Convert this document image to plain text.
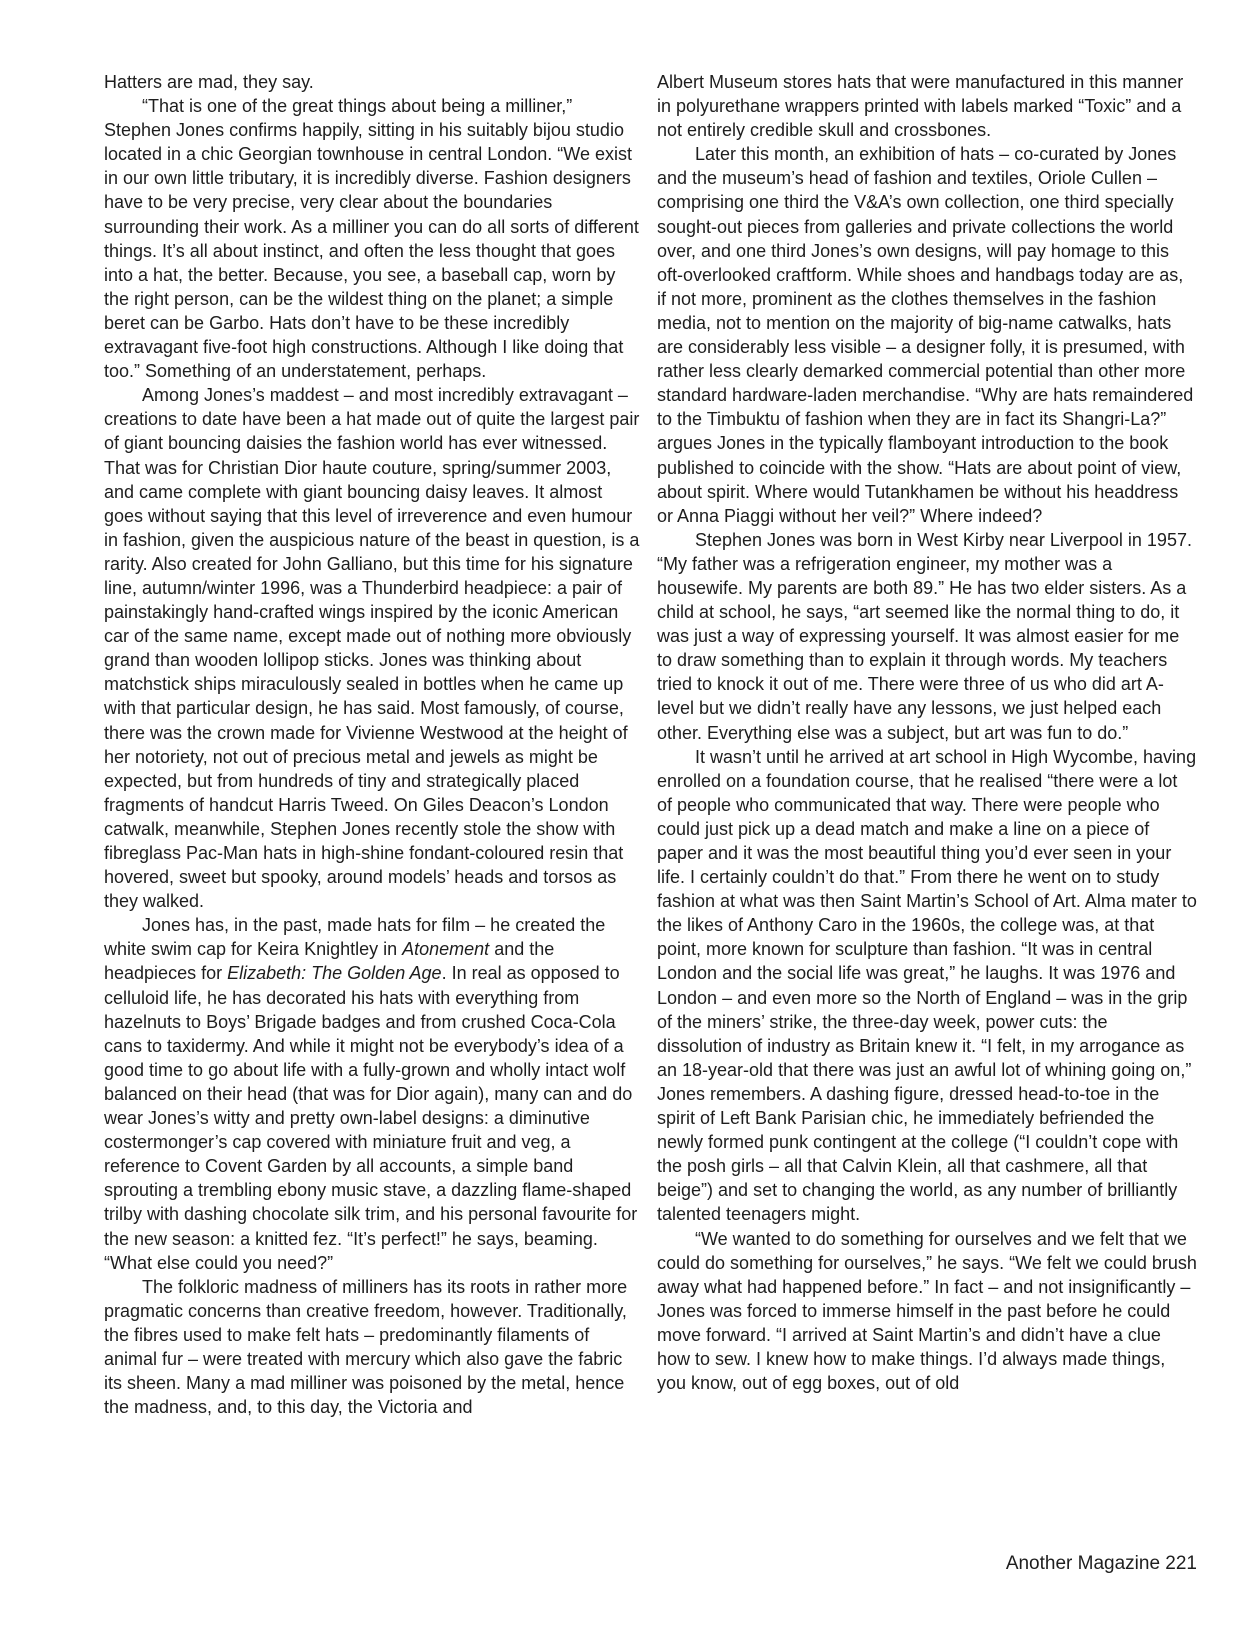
Hatters are mad, they say.

“That is one of the great things about being a milliner,” Stephen Jones confirms happily, sitting in his suitably bijou studio located in a chic Georgian townhouse in central London. “We exist in our own little tributary, it is incredibly diverse. Fashion designers have to be very precise, very clear about the boundaries surrounding their work. As a milliner you can do all sorts of different things. It’s all about instinct, and often the less thought that goes into a hat, the better. Because, you see, a baseball cap, worn by the right person, can be the wildest thing on the planet; a simple beret can be Garbo. Hats don’t have to be these incredibly extravagant five-foot high constructions. Although I like doing that too.” Something of an understatement, perhaps.

Among Jones’s maddest – and most incredibly extravagant – creations to date have been a hat made out of quite the largest pair of giant bouncing daisies the fashion world has ever witnessed. That was for Christian Dior haute couture, spring/summer 2003, and came complete with giant bouncing daisy leaves. It almost goes without saying that this level of irreverence and even humour in fashion, given the auspicious nature of the beast in question, is a rarity. Also created for John Galliano, but this time for his signature line, autumn/winter 1996, was a Thunderbird headpiece: a pair of painstakingly hand-crafted wings inspired by the iconic American car of the same name, except made out of nothing more obviously grand than wooden lollipop sticks. Jones was thinking about matchstick ships miraculously sealed in bottles when he came up with that particular design, he has said. Most famously, of course, there was the crown made for Vivienne Westwood at the height of her notoriety, not out of precious metal and jewels as might be expected, but from hundreds of tiny and strategically placed fragments of handcut Harris Tweed. On Giles Deacon’s London catwalk, meanwhile, Stephen Jones recently stole the show with fibreglass Pac-Man hats in high-shine fondant-coloured resin that hovered, sweet but spooky, around models’ heads and torsos as they walked.

Jones has, in the past, made hats for film – he created the white swim cap for Keira Knightley in Atonement and the headpieces for Elizabeth: The Golden Age. In real as opposed to celluloid life, he has decorated his hats with everything from hazelnuts to Boys’ Brigade badges and from crushed Coca-Cola cans to taxidermy. And while it might not be everybody’s idea of a good time to go about life with a fully-grown and wholly intact wolf balanced on their head (that was for Dior again), many can and do wear Jones’s witty and pretty own-label designs: a diminutive costermonger’s cap covered with miniature fruit and veg, a reference to Covent Garden by all accounts, a simple band sprouting a trembling ebony music stave, a dazzling flame-shaped trilby with dashing chocolate silk trim, and his personal favourite for the new season: a knitted fez. “It’s perfect!” he says, beaming. “What else could you need?”

The folkloric madness of milliners has its roots in rather more pragmatic concerns than creative freedom, however. Traditionally, the fibres used to make felt hats – predominantly filaments of animal fur – were treated with mercury which also gave the fabric its sheen. Many a mad milliner was poisoned by the metal, hence the madness, and, to this day, the Victoria and

Albert Museum stores hats that were manufactured in this manner in polyurethane wrappers printed with labels marked “Toxic” and a not entirely credible skull and crossbones.

Later this month, an exhibition of hats – co-curated by Jones and the museum’s head of fashion and textiles, Oriole Cullen – comprising one third the V&A’s own collection, one third specially sought-out pieces from galleries and private collections the world over, and one third Jones’s own designs, will pay homage to this oft-overlooked craftform. While shoes and handbags today are as, if not more, prominent as the clothes themselves in the fashion media, not to mention on the majority of big-name catwalks, hats are considerably less visible – a designer folly, it is presumed, with rather less clearly demarked commercial potential than other more standard hardware-laden merchandise. “Why are hats remaindered to the Timbuktu of fashion when they are in fact its Shangri-La?” argues Jones in the typically flamboyant introduction to the book published to coincide with the show. “Hats are about point of view, about spirit. Where would Tutankhamen be without his headdress or Anna Piaggi without her veil?” Where indeed?

Stephen Jones was born in West Kirby near Liverpool in 1957. “My father was a refrigeration engineer, my mother was a housewife. My parents are both 89.” He has two elder sisters. As a child at school, he says, “art seemed like the normal thing to do, it was just a way of expressing yourself. It was almost easier for me to draw something than to explain it through words. My teachers tried to knock it out of me. There were three of us who did art A-level but we didn’t really have any lessons, we just helped each other. Everything else was a subject, but art was fun to do.”

It wasn’t until he arrived at art school in High Wycombe, having enrolled on a foundation course, that he realised “there were a lot of people who communicated that way. There were people who could just pick up a dead match and make a line on a piece of paper and it was the most beautiful thing you’d ever seen in your life. I certainly couldn’t do that.” From there he went on to study fashion at what was then Saint Martin’s School of Art. Alma mater to the likes of Anthony Caro in the 1960s, the college was, at that point, more known for sculpture than fashion. “It was in central London and the social life was great,” he laughs. It was 1976 and London – and even more so the North of England – was in the grip of the miners’ strike, the three-day week, power cuts: the dissolution of industry as Britain knew it. “I felt, in my arrogance as an 18-year-old that there was just an awful lot of whining going on,” Jones remembers. A dashing figure, dressed head-to-toe in the spirit of Left Bank Parisian chic, he immediately befriended the newly formed punk contingent at the college (“I couldn’t cope with the posh girls – all that Calvin Klein, all that cashmere, all that beige”) and set to changing the world, as any number of brilliantly talented teenagers might.

“We wanted to do something for ourselves and we felt that we could do something for ourselves,” he says. “We felt we could brush away what had happened before.” In fact – and not insignificantly – Jones was forced to immerse himself in the past before he could move forward. “I arrived at Saint Martin’s and didn’t have a clue how to sew. I knew how to make things. I’d always made things, you know, out of egg boxes, out of old

Another Magazine 221
